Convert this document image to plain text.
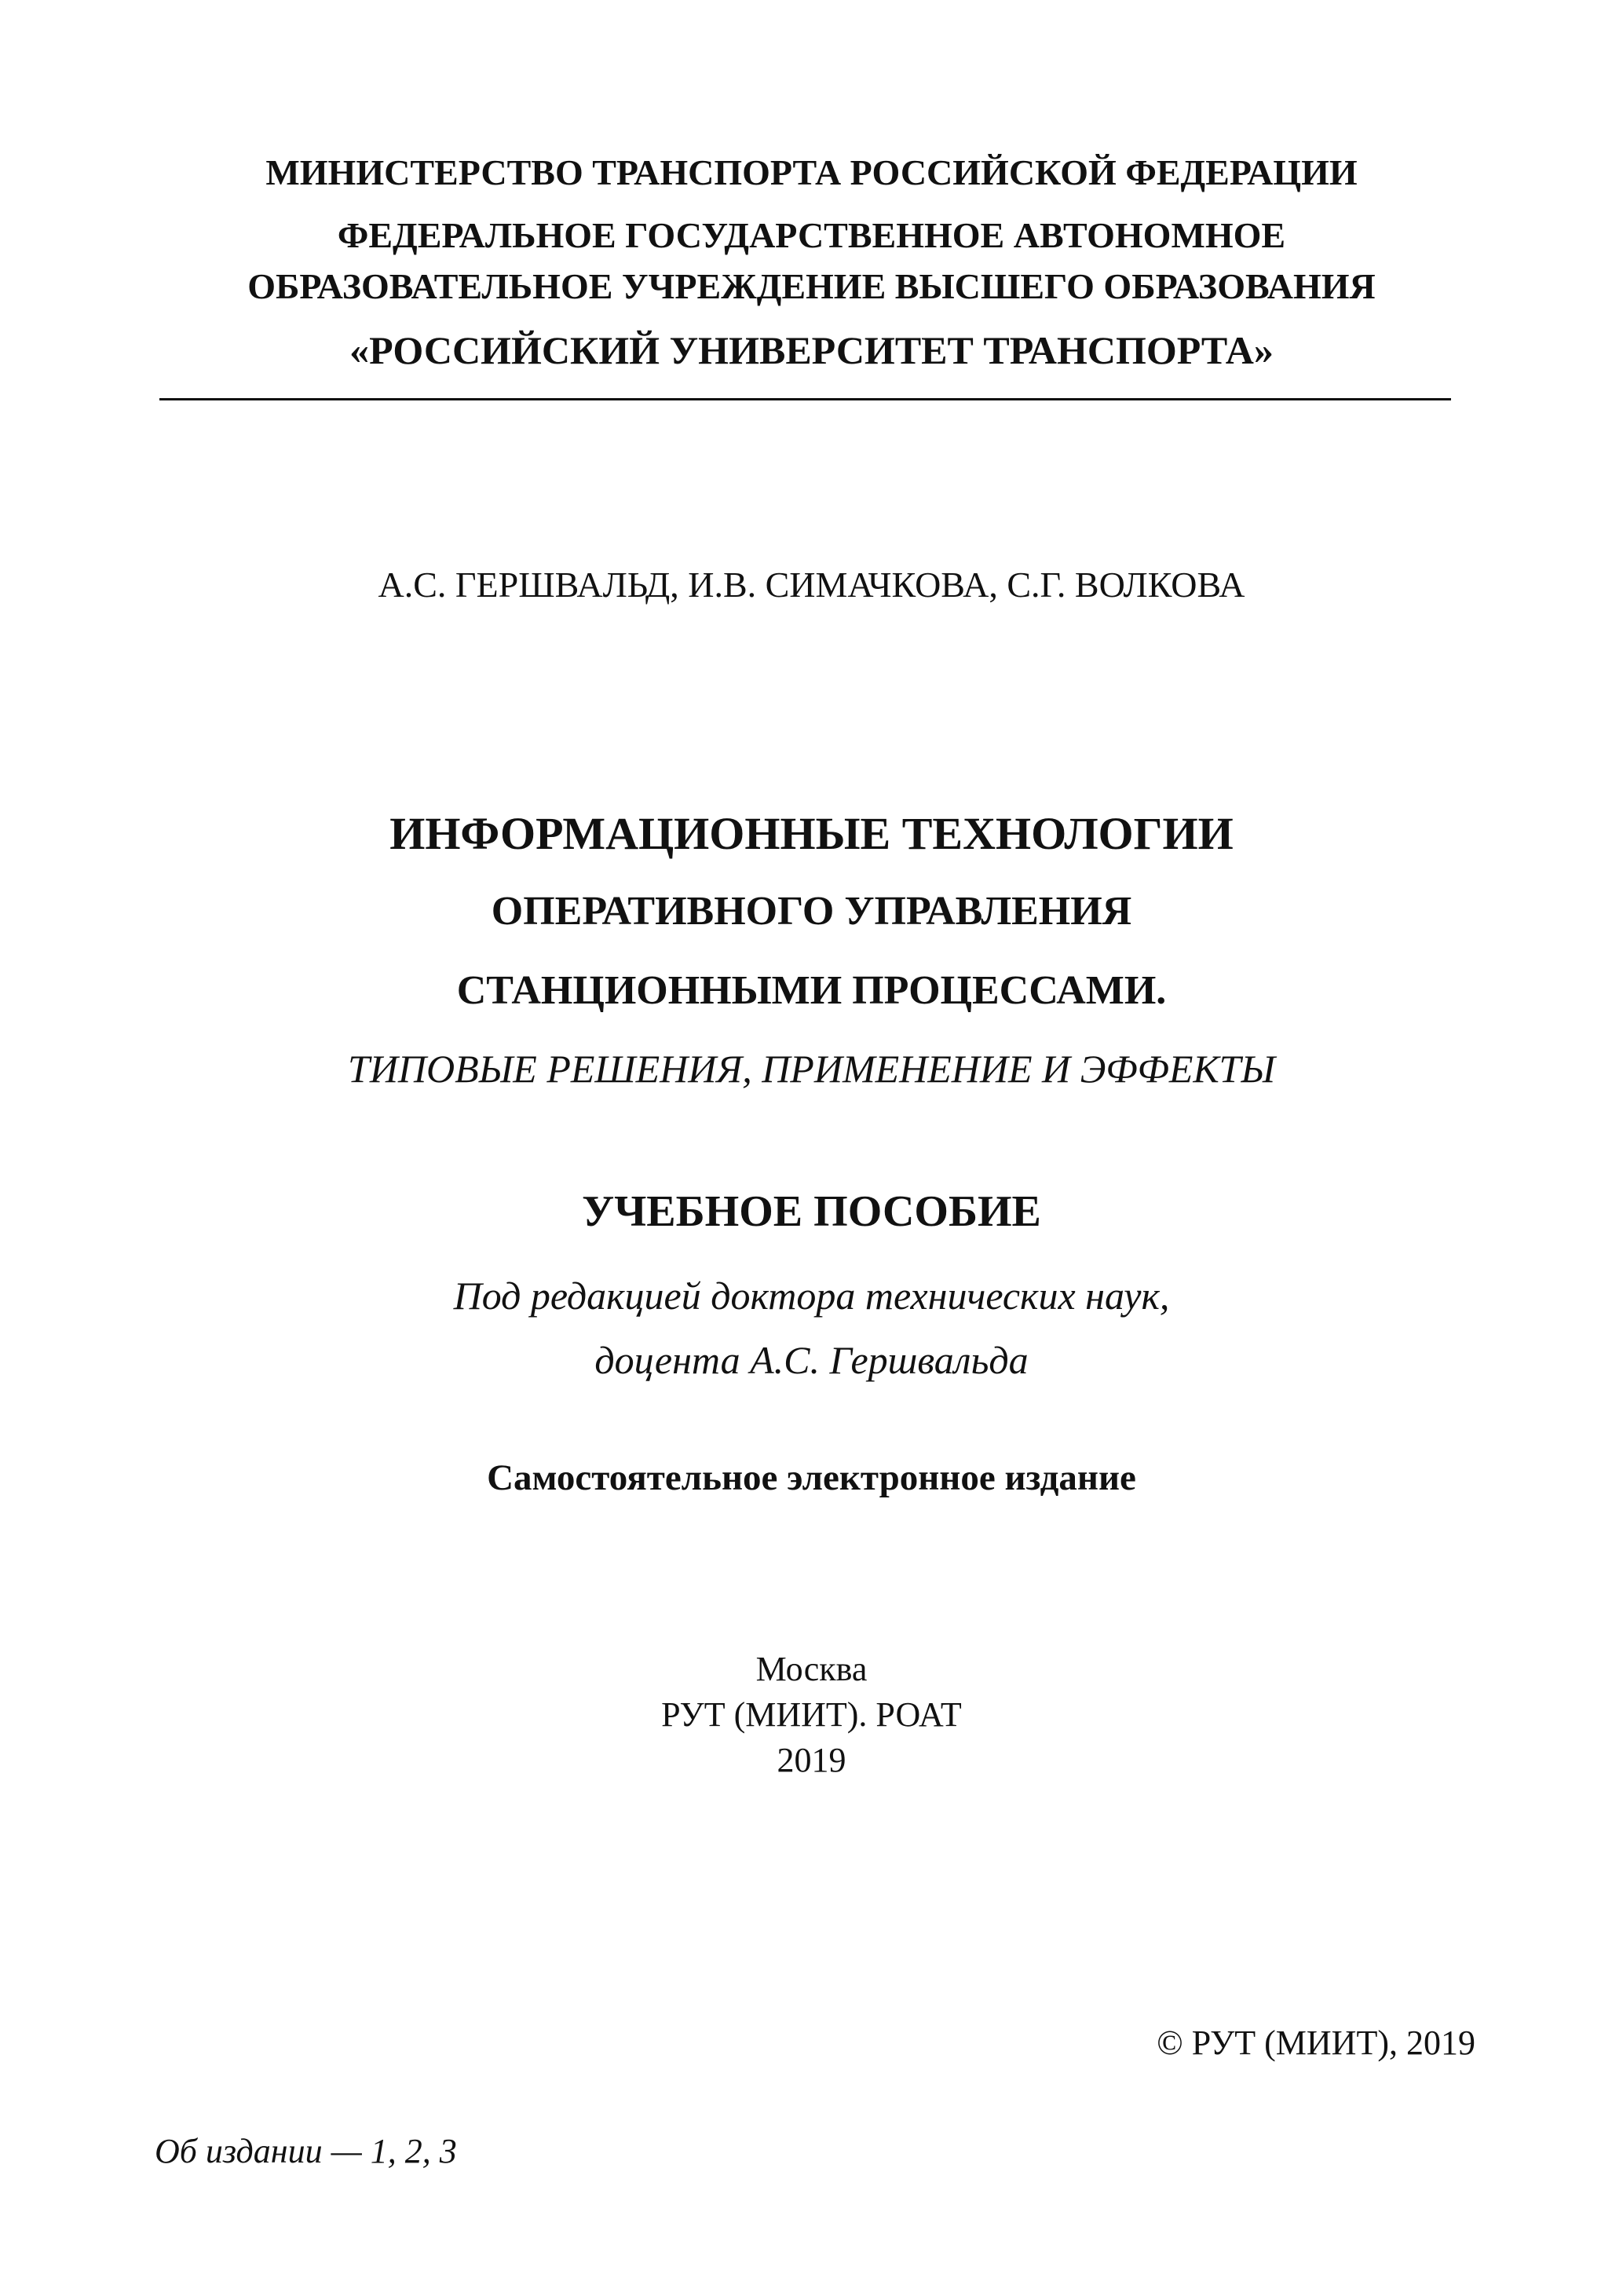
МИНИСТЕРСТВО ТРАНСПОРТА РОССИЙСКОЙ ФЕДЕРАЦИИ
ФЕДЕРАЛЬНОЕ ГОСУДАРСТВЕННОЕ АВТОНОМНОЕ
ОБРАЗОВАТЕЛЬНОЕ УЧРЕЖДЕНИЕ ВЫСШЕГО ОБРАЗОВАНИЯ
«РОССИЙСКИЙ УНИВЕРСИТЕТ ТРАНСПОРТА»
А.С. ГЕРШВАЛЬД, И.В. СИМАЧКОВА, С.Г. ВОЛКОВА
ИНФОРМАЦИОННЫЕ ТЕХНОЛОГИИ
ОПЕРАТИВНОГО УПРАВЛЕНИЯ
СТАНЦИОННЫМИ ПРОЦЕССАМИ.
ТИПОВЫЕ РЕШЕНИЯ, ПРИМЕНЕНИЕ И ЭФФЕКТЫ
УЧЕБНОЕ ПОСОБИЕ
Под редакцией доктора технических наук,
доцента А.С. Гершвальда
Самостоятельное электронное издание
Москва
РУТ (МИИТ). РОАТ
2019
© РУТ (МИИТ), 2019
Об издании — 1, 2, 3
